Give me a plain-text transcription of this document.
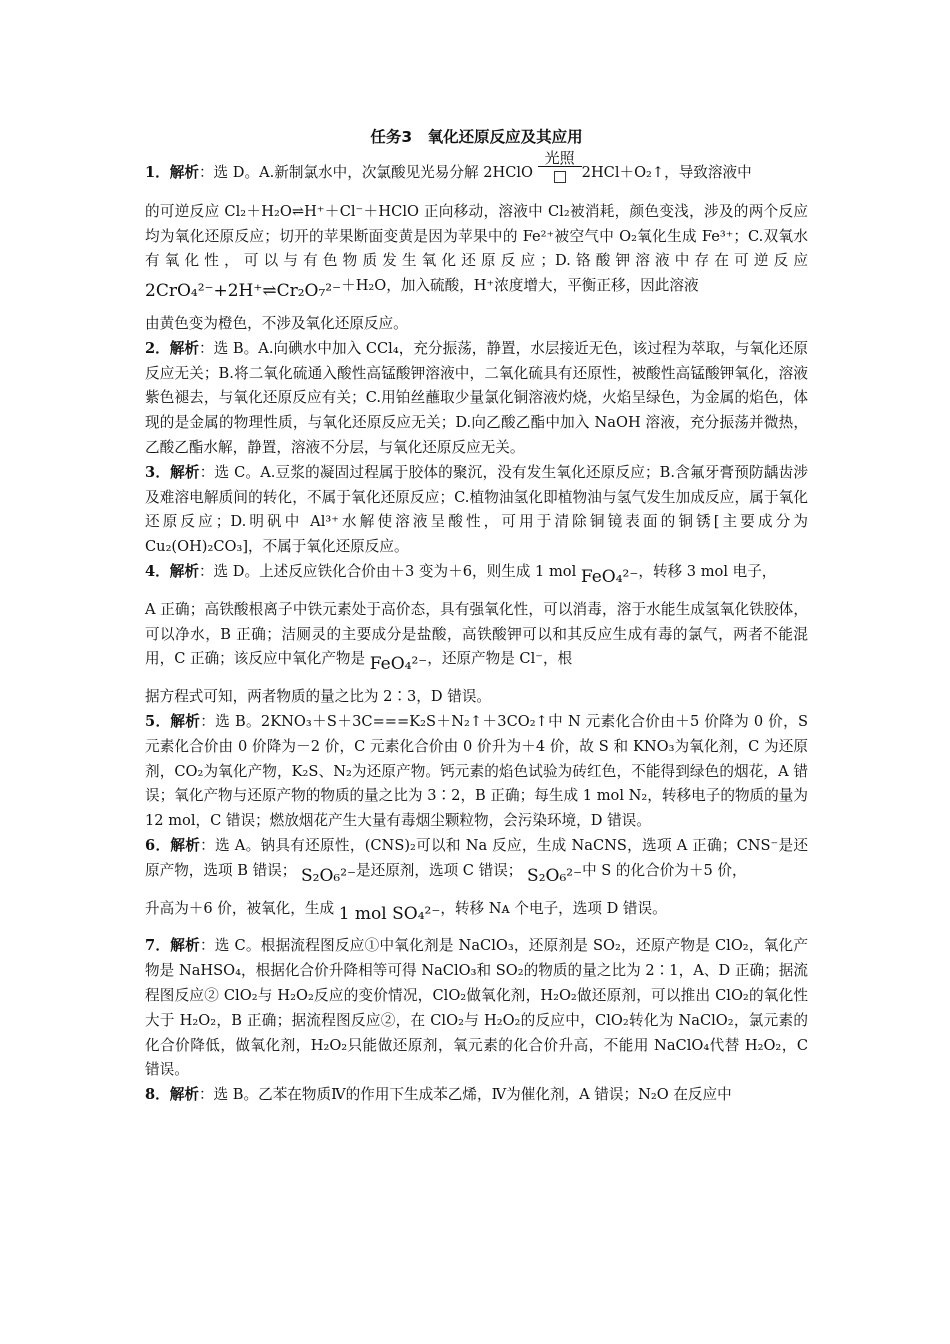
任务3　氧化还原反应及其应用

1．解析：选 D。A.新制氯水中，次氯酸见光易分解 2HClO
光照
2HCl＋O₂↑，导致溶液中

的可逆反应 Cl₂＋H₂O⇌H⁺＋Cl⁻＋HClO 正向移动，溶液中 Cl₂被消耗，颜色变浅，涉及的两个反应均为氧化还原反应；切开的苹果断面变黄是因为苹果中的 Fe²⁺被空气中 O₂氧化生成 Fe³⁺；C.双氧水有氧化性，可以与有色物质发生氧化还原反应；D.铬酸钾溶液中存在可逆反应 2CrO₄²⁻+2H⁺⇌Cr₂O₇²⁻＋H₂O，加入硫酸，H⁺浓度增大，平衡正移，因此溶液

由黄色变为橙色，不涉及氧化还原反应。

2．解析：选 B。A.向碘水中加入 CCl₄，充分振荡，静置，水层接近无色，该过程为萃取，与氧化还原反应无关；B.将二氧化硫通入酸性高锰酸钾溶液中，二氧化硫具有还原性，被酸性高锰酸钾氧化，溶液紫色褪去，与氧化还原反应有关；C.用铂丝蘸取少量氯化铜溶液灼烧，火焰呈绿色，为金属的焰色，体现的是金属的物理性质，与氧化还原反应无关；D.向乙酸乙酯中加入 NaOH 溶液，充分振荡并微热，乙酸乙酯水解，静置，溶液不分层，与氧化还原反应无关。

3．解析：选 C。A.豆浆的凝固过程属于胶体的聚沉，没有发生氧化还原反应；B.含氟牙膏预防龋齿涉及难溶电解质间的转化，不属于氧化还原反应；C.植物油氢化即植物油与氢气发生加成反应，属于氧化还原反应；D.明矾中 Al³⁺水解使溶液呈酸性，可用于清除铜镜表面的铜锈[主要成分为 Cu₂(OH)₂CO₃]，不属于氧化还原反应。

4．解析：选 D。上述反应铁化合价由＋3 变为＋6，则生成 1 mol FeO₄²⁻，转移 3 mol 电子，

A 正确；高铁酸根离子中铁元素处于高价态，具有强氧化性，可以消毒，溶于水能生成氢氧化铁胶体，可以净水，B 正确；洁厕灵的主要成分是盐酸，高铁酸钾可以和其反应生成有毒的氯气，两者不能混用，C 正确；该反应中氧化产物是 FeO₄²⁻，还原产物是 Cl⁻，根

据方程式可知，两者物质的量之比为 2∶3，D 错误。

5．解析：选 B。2KNO₃＋S＋3C===K₂S＋N₂↑＋3CO₂↑中 N 元素化合价由＋5 价降为 0 价，S 元素化合价由 0 价降为－2 价，C 元素化合价由 0 价升为＋4 价，故 S 和 KNO₃为氧化剂，C 为还原剂，CO₂为氧化产物，K₂S、N₂为还原产物。钙元素的焰色试验为砖红色，不能得到绿色的烟花，A 错误；氧化产物与还原产物的物质的量之比为 3∶2，B 正确；每生成 1 mol N₂，转移电子的物质的量为 12 mol，C 错误；燃放烟花产生大量有毒烟尘颗粒物，会污染环境，D 错误。

6．解析：选 A。钠具有还原性，(CNS)₂可以和 Na 反应，生成 NaCNS，选项 A 正确；CNS⁻是还原产物，选项 B 错误； S₂O₆²⁻是还原剂，选项 C 错误； S₂O₆²⁻中 S 的化合价为＋5 价，

升高为＋6 价，被氧化，生成 1 mol SO₄²⁻，转移 Nᴀ 个电子，选项 D 错误。

7．解析：选 C。根据流程图反应①中氧化剂是 NaClO₃，还原剂是 SO₂，还原产物是 ClO₂，氧化产物是 NaHSO₄，根据化合价升降相等可得 NaClO₃和 SO₂的物质的量之比为 2∶1，A、D 正确；据流程图反应② ClO₂与 H₂O₂反应的变价情况，ClO₂做氧化剂，H₂O₂做还原剂，可以推出 ClO₂的氧化性大于 H₂O₂，B 正确；据流程图反应②，在 ClO₂与 H₂O₂的反应中，ClO₂转化为 NaClO₂，氯元素的化合价降低，做氧化剂，H₂O₂只能做还原剂，氧元素的化合价升高，不能用 NaClO₄代替 H₂O₂，C 错误。

8．解析：选 B。乙苯在物质Ⅳ的作用下生成苯乙烯，Ⅳ为催化剂，A 错误；N₂O 在反应中
